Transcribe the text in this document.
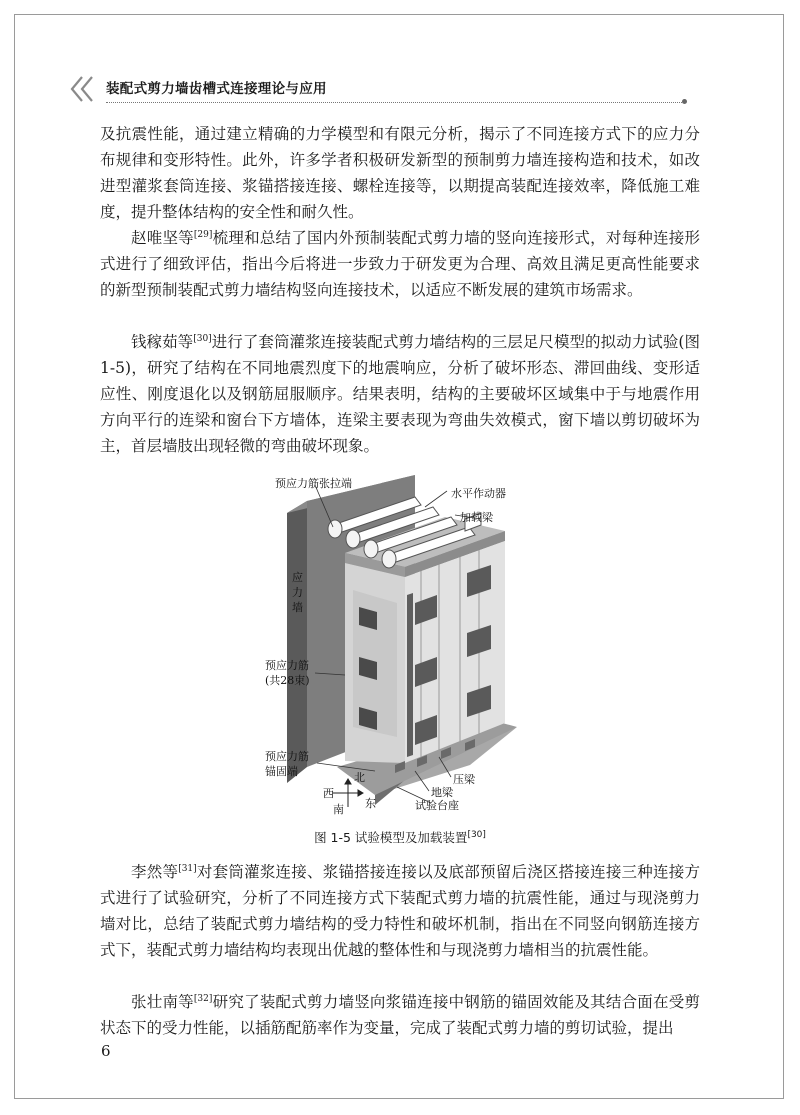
装配式剪力墙齿槽式连接理论与应用

及抗震性能，通过建立精确的力学模型和有限元分析，揭示了不同连接方式下的应力分布规律和变形特性。此外，许多学者积极研发新型的预制剪力墙连接构造和技术，如改进型灌浆套筒连接、浆锚搭接连接、螺栓连接等，以期提高装配连接效率，降低施工难度，提升整体结构的安全性和耐久性。

赵唯坚等[29]梳理和总结了国内外预制装配式剪力墙的竖向连接形式，对每种连接形式进行了细致评估，指出今后将进一步致力于研发更为合理、高效且满足更高性能要求的新型预制装配式剪力墙结构竖向连接技术，以适应不断发展的建筑市场需求。

钱稼茹等[30]进行了套筒灌浆连接装配式剪力墙结构的三层足尺模型的拟动力试验(图 1-5)，研究了结构在不同地震烈度下的地震响应，分析了破坏形态、滞回曲线、变形适应性、刚度退化以及钢筋屈服顺序。结果表明，结构的主要破坏区域集中于与地震作用方向平行的连梁和窗台下方墙体，连梁主要表现为弯曲失效模式，窗下墙以剪切破坏为主，首层墙肢出现轻微的弯曲破坏现象。

预应力筋张拉端
水平作动器
加载梁
应
力
墙
预应力筋
(共28束)
预应力筋
锚固端
压梁
地梁
试验台座
北
西
东
南
图 1-5 试验模型及加载装置[30]

李然等[31]对套筒灌浆连接、浆锚搭接连接以及底部预留后浇区搭接连接三种连接方式进行了试验研究，分析了不同连接方式下装配式剪力墙的抗震性能，通过与现浇剪力墙对比，总结了装配式剪力墙结构的受力特性和破坏机制，指出在不同竖向钢筋连接方式下，装配式剪力墙结构均表现出优越的整体性和与现浇剪力墙相当的抗震性能。

张壮南等[32]研究了装配式剪力墙竖向浆锚连接中钢筋的锚固效能及其结合面在受剪状态下的受力性能，以插筋配筋率作为变量，完成了装配式剪力墙的剪切试验，提出

6
